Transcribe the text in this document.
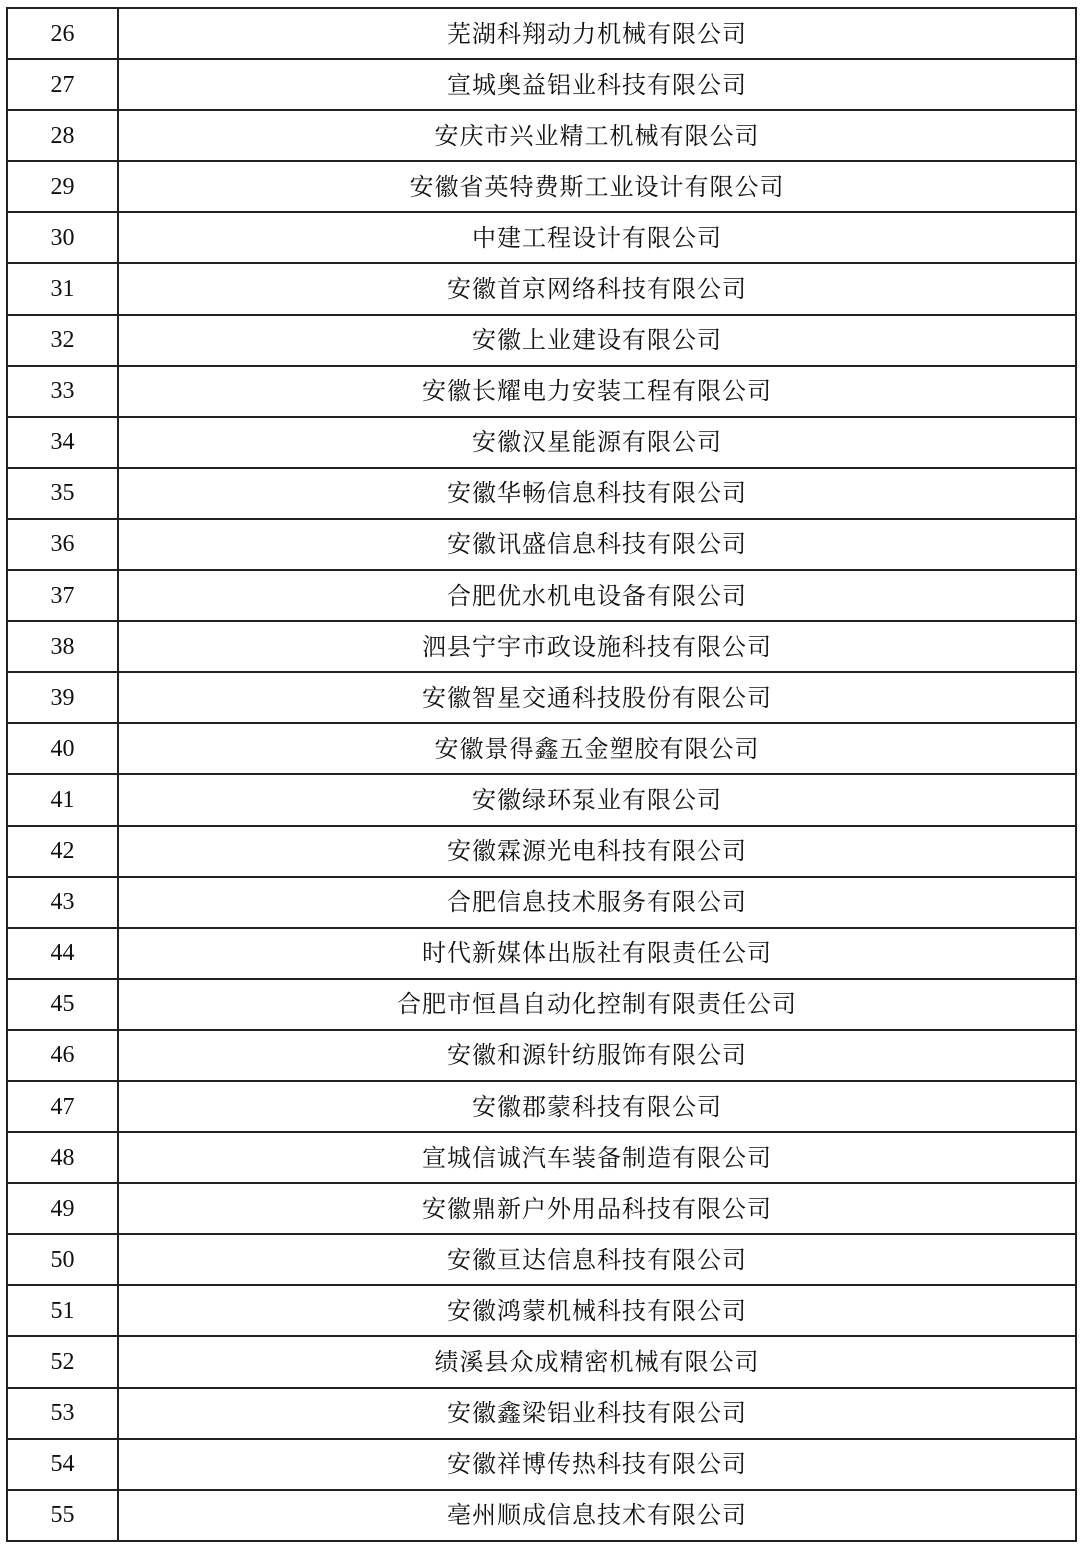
26	芜湖科翔动力机械有限公司
27	宣城奥益铝业科技有限公司
28	安庆市兴业精工机械有限公司
29	安徽省英特费斯工业设计有限公司
30	中建工程设计有限公司
31	安徽首京网络科技有限公司
32	安徽上业建设有限公司
33	安徽长耀电力安装工程有限公司
34	安徽汉星能源有限公司
35	安徽华畅信息科技有限公司
36	安徽讯盛信息科技有限公司
37	合肥优水机电设备有限公司
38	泗县宁宇市政设施科技有限公司
39	安徽智星交通科技股份有限公司
40	安徽景得鑫五金塑胶有限公司
41	安徽绿环泵业有限公司
42	安徽霖源光电科技有限公司
43	合肥信息技术服务有限公司
44	时代新媒体出版社有限责任公司
45	合肥市恒昌自动化控制有限责任公司
46	安徽和源针纺服饰有限公司
47	安徽郡蒙科技有限公司
48	宣城信诚汽车装备制造有限公司
49	安徽鼎新户外用品科技有限公司
50	安徽亘达信息科技有限公司
51	安徽鸿蒙机械科技有限公司
52	绩溪县众成精密机械有限公司
53	安徽鑫梁铝业科技有限公司
54	安徽祥博传热科技有限公司
55	亳州顺成信息技术有限公司
